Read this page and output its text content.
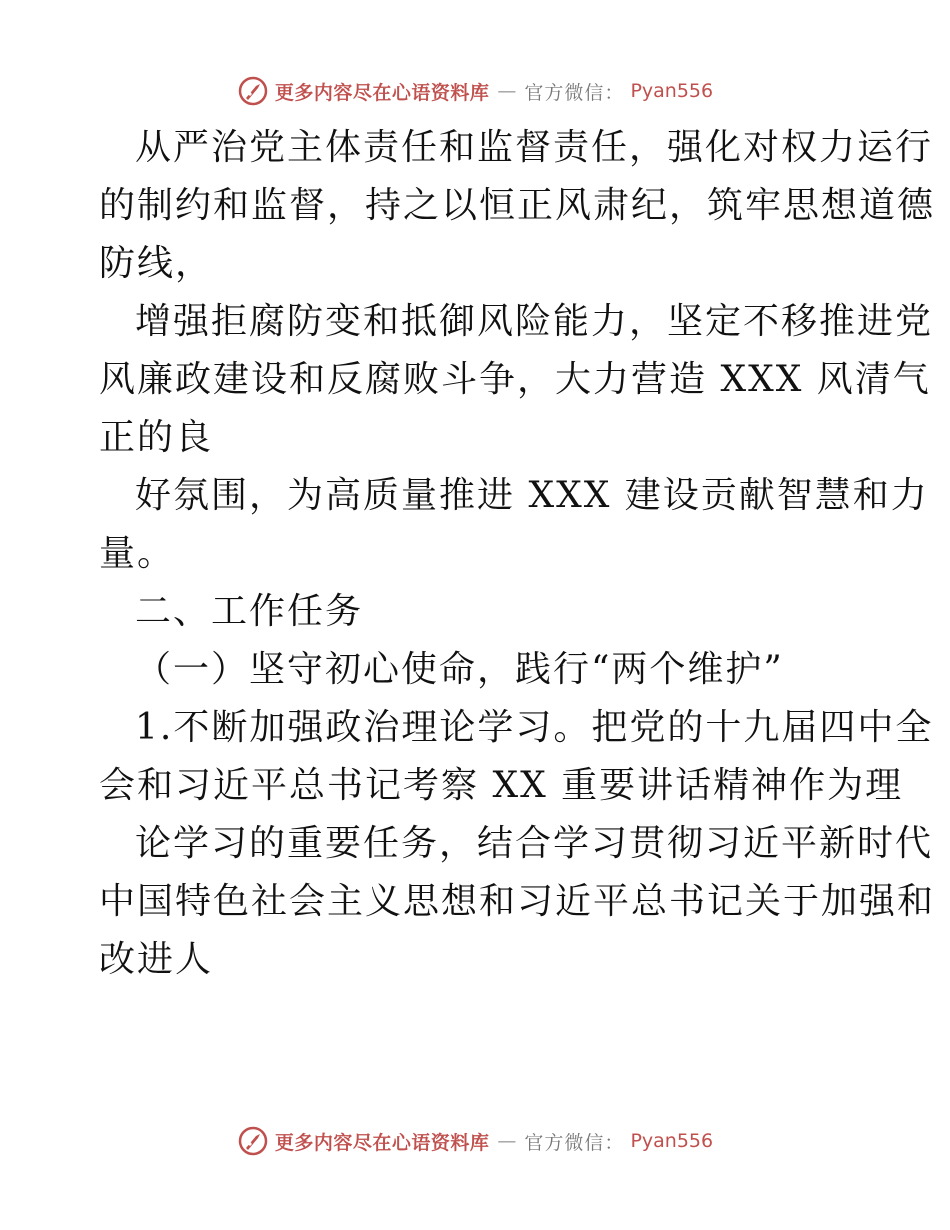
更多内容尽在心语资料库 — 官方微信： Pyan556
从严治党主体责任和监督责任，强化对权力运行
的制约和监督，持之以恒正风肃纪，筑牢思想道德
防线，
增强拒腐防变和抵御风险能力，坚定不移推进党
风廉政建设和反腐败斗争，大力营造 XXX 风清气
正的良
好氛围，为高质量推进 XXX 建设贡献智慧和力
量。
二、工作任务
（一）坚守初心使命，践行“两个维护”
1.不断加强政治理论学习。把党的十九届四中全
会和习近平总书记考察 XX 重要讲话精神作为理
论学习的重要任务，结合学习贯彻习近平新时代
中国特色社会主义思想和习近平总书记关于加强和
改进人
更多内容尽在心语资料库 — 官方微信： Pyan556
